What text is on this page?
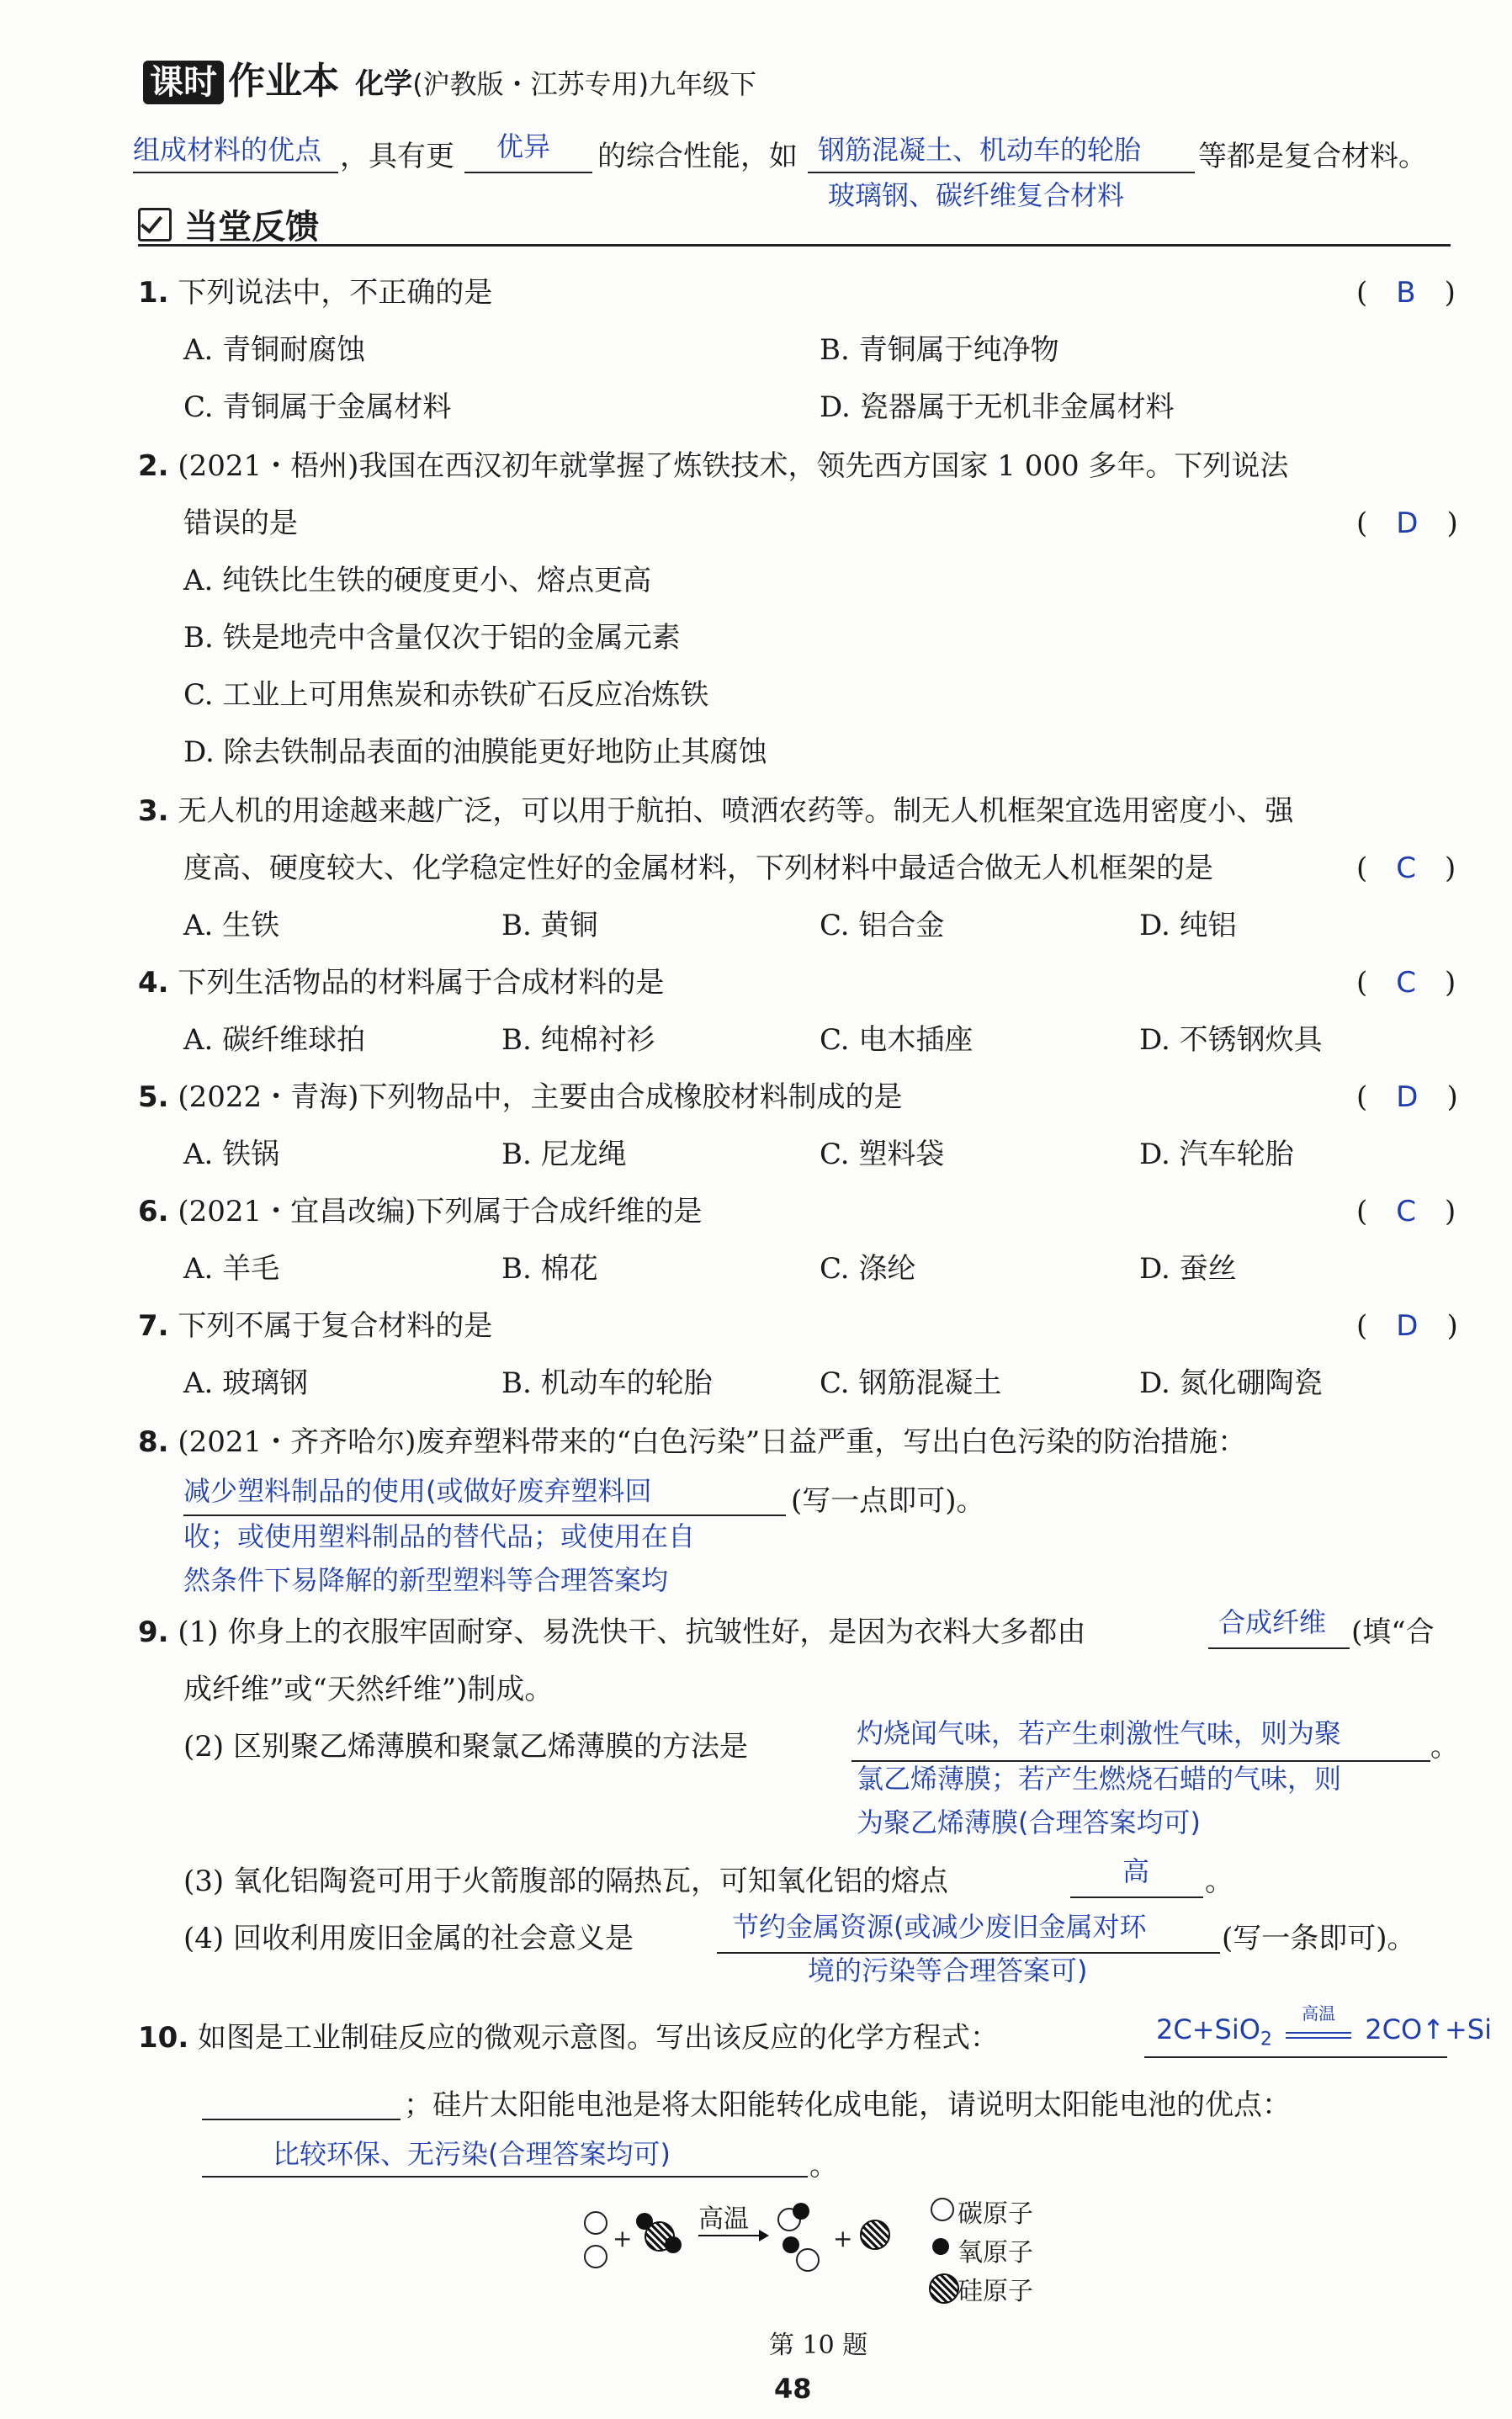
课时 作业本 化学(沪教版・江苏专用)九年级下
组成材料的优点 ，具有更 优异 的综合性能，如 钢筋混凝土、机动车的轮胎
玻璃钢、碳纤维复合材料
等都是复合材料。
当堂反馈
1. 下列说法中，不正确的是	(　B　)
A. 青铜耐腐蚀	B. 青铜属于纯净物
C. 青铜属于金属材料	D. 瓷器属于无机非金属材料
2. (2021・梧州)我国在西汉初年就掌握了炼铁技术，领先西方国家 1 000 多年。下列说法
错误的是	(　D　)
A. 纯铁比生铁的硬度更小、熔点更高
B. 铁是地壳中含量仅次于铝的金属元素
C. 工业上可用焦炭和赤铁矿石反应冶炼铁
D. 除去铁制品表面的油膜能更好地防止其腐蚀
3. 无人机的用途越来越广泛，可以用于航拍、喷洒农药等。制无人机框架宜选用密度小、强
度高、硬度较大、化学稳定性好的金属材料，下列材料中最适合做无人机框架的是	(　C　)
A. 生铁	B. 黄铜	C. 铝合金	D. 纯铝
4. 下列生活物品的材料属于合成材料的是	(　C　)
A. 碳纤维球拍	B. 纯棉衬衫	C. 电木插座	D. 不锈钢炊具
5. (2022・青海)下列物品中，主要由合成橡胶材料制成的是	(　D　)
A. 铁锅	B. 尼龙绳	C. 塑料袋	D. 汽车轮胎
6. (2021・宜昌改编)下列属于合成纤维的是	(　C　)
A. 羊毛	B. 棉花	C. 涤纶	D. 蚕丝
7. 下列不属于复合材料的是	(　D　)
A. 玻璃钢	B. 机动车的轮胎	C. 钢筋混凝土	D. 氮化硼陶瓷
8. (2021・齐齐哈尔)废弃塑料带来的“白色污染”日益严重，写出白色污染的防治措施：
减少塑料制品的使用(或做好废弃塑料回	(写一点即可)。
收；或使用塑料制品的替代品；或使用在自
然条件下易降解的新型塑料等合理答案均
9. (1) 你身上的衣服牢固耐穿、易洗快干、抗皱性好，是因为衣料大多都由	合成纤维 (填“合
成纤维”或“天然纤维”)制成。
(2) 区别聚乙烯薄膜和聚氯乙烯薄膜的方法是	灼烧闻气味，若产生刺激性气味，则为聚	。
氯乙烯薄膜；若产生燃烧石蜡的气味，则
为聚乙烯薄膜(合理答案均可)
(3) 氧化铝陶瓷可用于火箭腹部的隔热瓦，可知氧化铝的熔点	高 。
(4) 回收利用废旧金属的社会意义是	节约金属资源(或减少废旧金属对环	(写一条即可)。
境的污染等合理答案可)
10. 如图是工业制硅反应的微观示意图。写出该反应的化学方程式：	2C+SiO$_2$
高温	2CO↑+Si
；硅片太阳能电池是将太阳能转化成电能，请说明太阳能电池的优点：
比较环保、无污染(合理答案均可)	。
+
高温
+
碳原子
氧原子
硅原子
第 10 题
48
